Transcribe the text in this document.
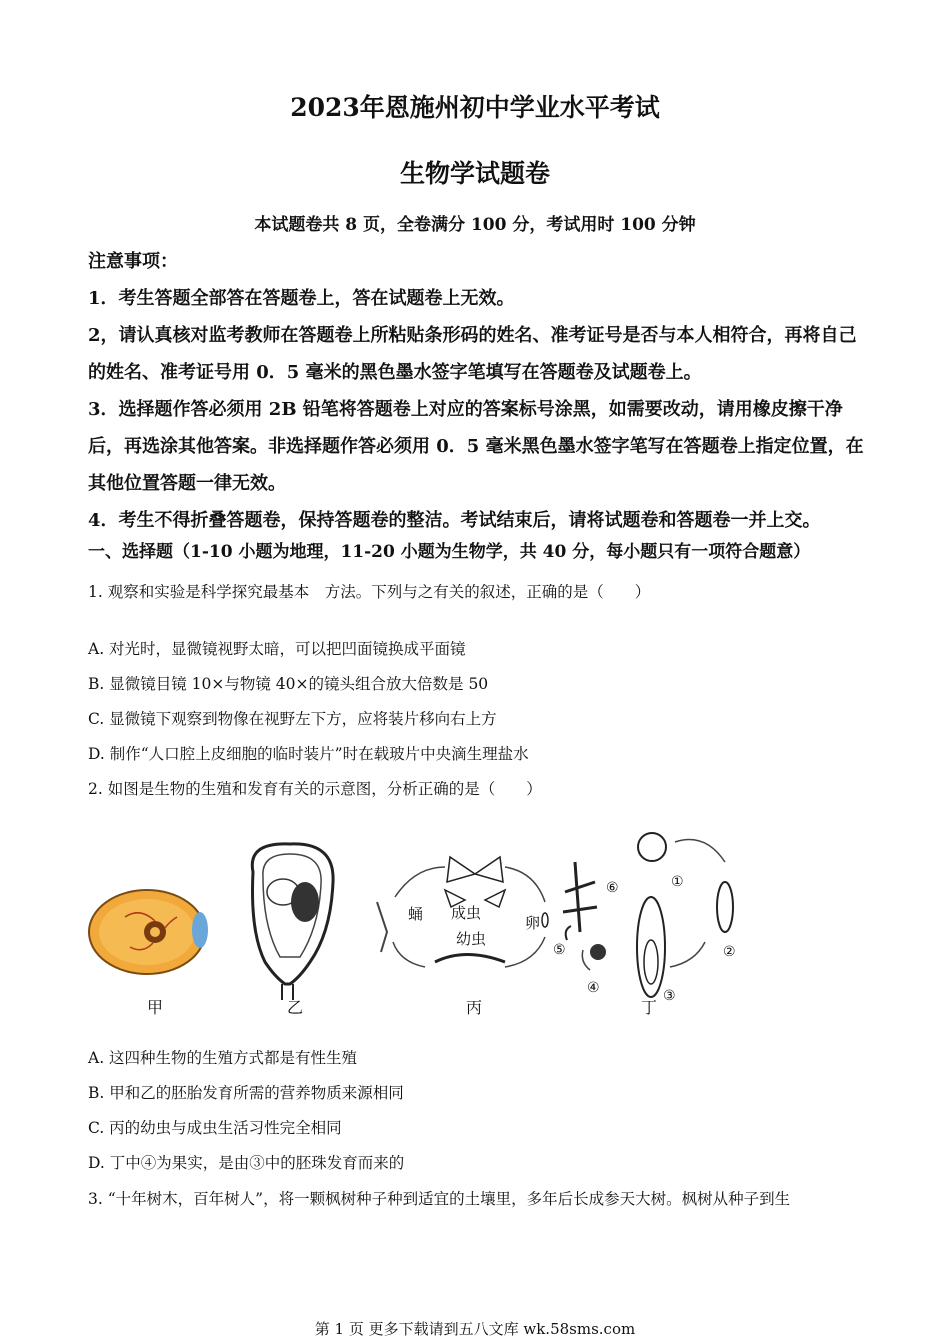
2023年恩施州初中学业水平考试
生物学试题卷
本试题卷共 8 页，全卷满分 100 分，考试用时 100 分钟

注意事项：

1．考生答题全部答在答题卷上，答在试题卷上无效。

2，请认真核对监考教师在答题卷上所粘贴条形码的姓名、准考证号是否与本人相符合，再将自己的姓名、准考证号用 0．5 毫米的黑色墨水签字笔填写在答题卷及试题卷上。

3．选择题作答必须用 2B 铅笔将答题卷上对应的答案标号涂黑，如需要改动，请用橡皮擦干净后，再选涂其他答案。非选择题作答必须用 0．5 毫米黑色墨水签字笔写在答题卷上指定位置，在其他位置答题一律无效。

4．考生不得折叠答题卷，保持答题卷的整洁。考试结束后，请将试题卷和答题卷一并上交。

一、选择题（1-10 小题为地理，11-20 小题为生物学，共 40 分，每小题只有一项符合题意）
1. 观察和实验是科学探究最基本　方法。下列与之有关的叙述，正确的是（　　）
A. 对光时，显微镜视野太暗，可以把凹面镜换成平面镜
B. 显微镜目镜 10×与物镜 40×的镜头组合放大倍数是 50
C. 显微镜下观察到物像在视野左下方，应将装片移向右上方
D. 制作“人口腔上皮细胞的临时装片”时在载玻片中央滴生理盐水
2. 如图是生物的生殖和发育有关的示意图，分析正确的是（　　）
甲	乙	丙	丁
成虫
幼虫
蛹
卵
①
②
③
④
⑤
⑥
A. 这四种生物的生殖方式都是有性生殖
B. 甲和乙的胚胎发育所需的营养物质来源相同
C. 丙的幼虫与成虫生活习性完全相同
D. 丁中④为果实，是由③中的胚珠发育而来的
3. “十年树木，百年树人”，将一颗枫树种子种到适宜的土壤里，多年后长成参天大树。枫树从种子到生
第 1 页 更多下载请到五八文库 wk.58sms.com
